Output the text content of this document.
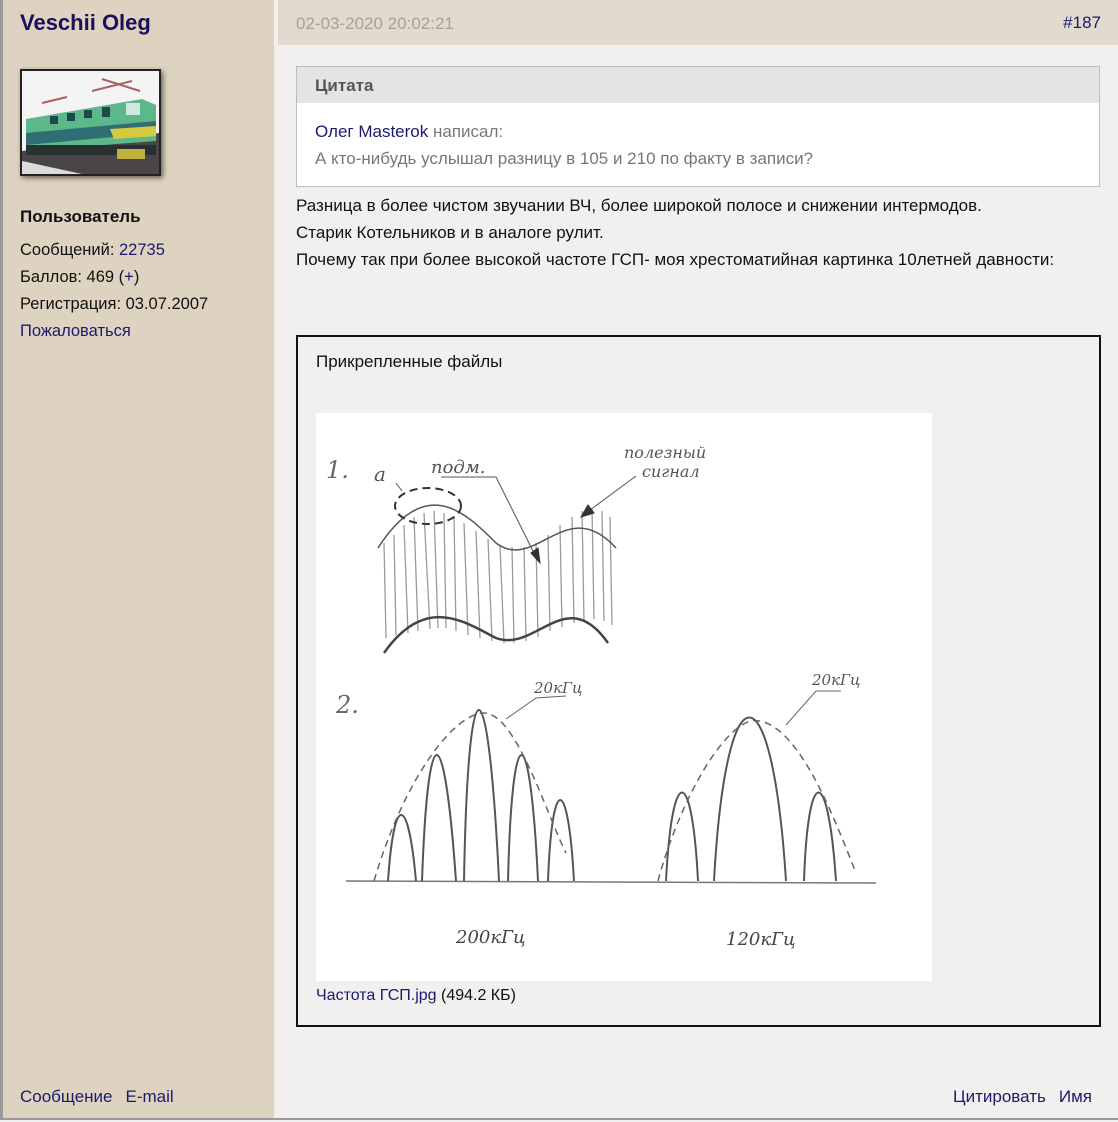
Veschii Oleg
Пользователь
Сообщений: 22735
Баллов: 469 (+)
Регистрация: 03.07.2007
Пожаловаться
Сообщение E-mail
02-03-2020 20:02:21	#187
Цитата
Олег Masterok написал:
А кто-нибудь услышал разницу в 105 и 210 по факту в записи?
Разница в более чистом звучании ВЧ, более широкой полосе и снижении интермодов.
Старик Котельников и в аналоге рулит.
Почему так при более высокой частоте ГСП- моя хрестоматийная картинка 10летней давности:
Прикрепленные файлы
1. a	подм.
полезный
сигнал
2.
20кГц	20кГц
200кГц	120кГц
Частота ГСП.jpg (494.2 КБ)
Цитировать Имя
